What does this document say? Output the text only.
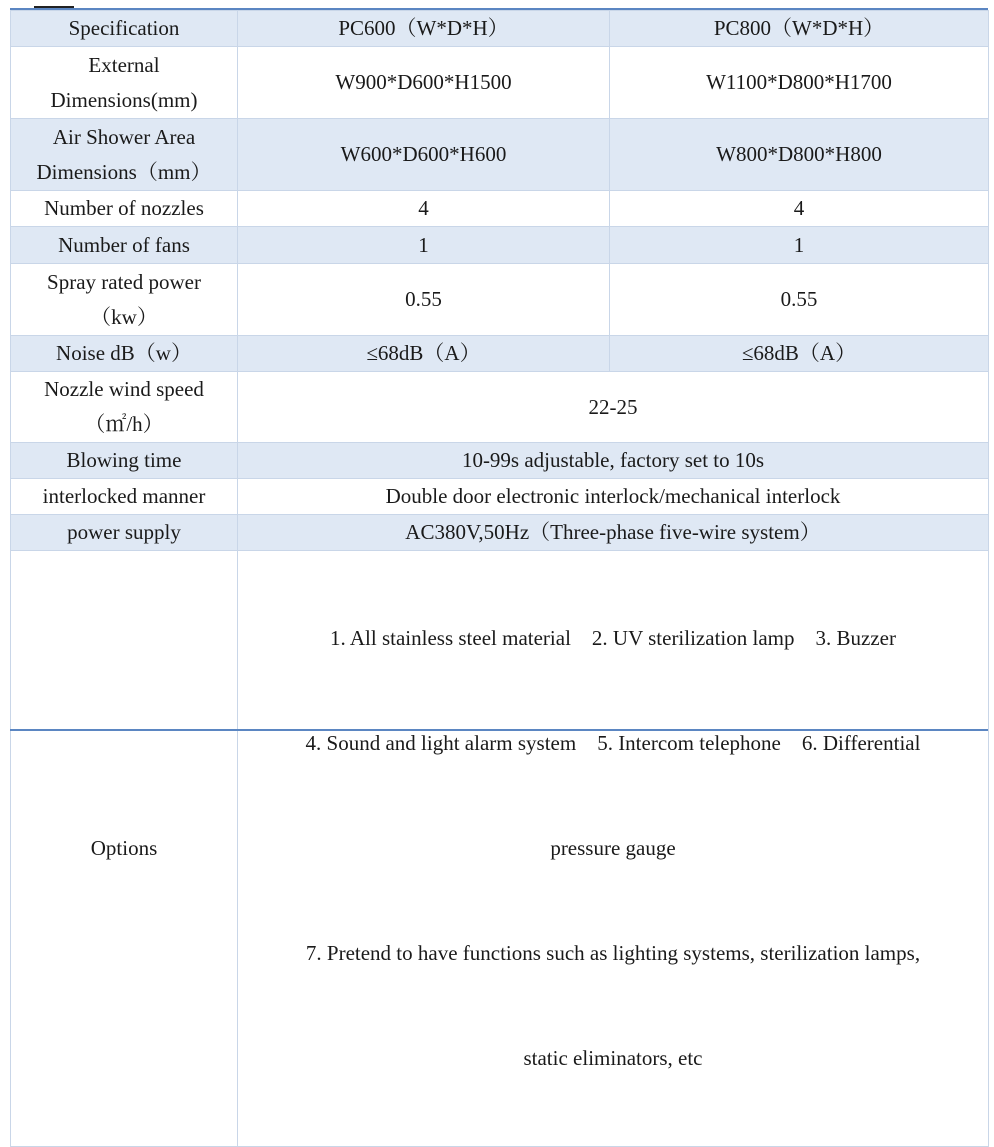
Specification	PC600（W*D*H）	PC800（W*D*H）

External
Dimensions(mm)	W900*D600*H1500	W1100*D800*H1700

Air Shower Area
Dimensions（mm）	W600*D600*H600	W800*D800*H800
Number of nozzles	4	4
Number of fans	1	1

Spray rated power
（kw）	0.55	0.55
Noise dB（w）	≤68dB（A）	≤68dB（A）

Nozzle wind speed
（㎡/h）	22-25	
Blowing time	10-99s adjustable, factory set to 10s	
interlocked manner	Double door electronic interlock/mechanical interlock	
power supply	AC380V,50Hz（Three-phase five-wire system）	
Options	1. All stainless steel material    2. UV sterilization lamp    3. Buzzer

4. Sound and light alarm system    5. Intercom telephone    6. Differential

pressure gauge

7. Pretend to have functions such as lighting systems, sterilization lamps,

static eliminators, etc	
